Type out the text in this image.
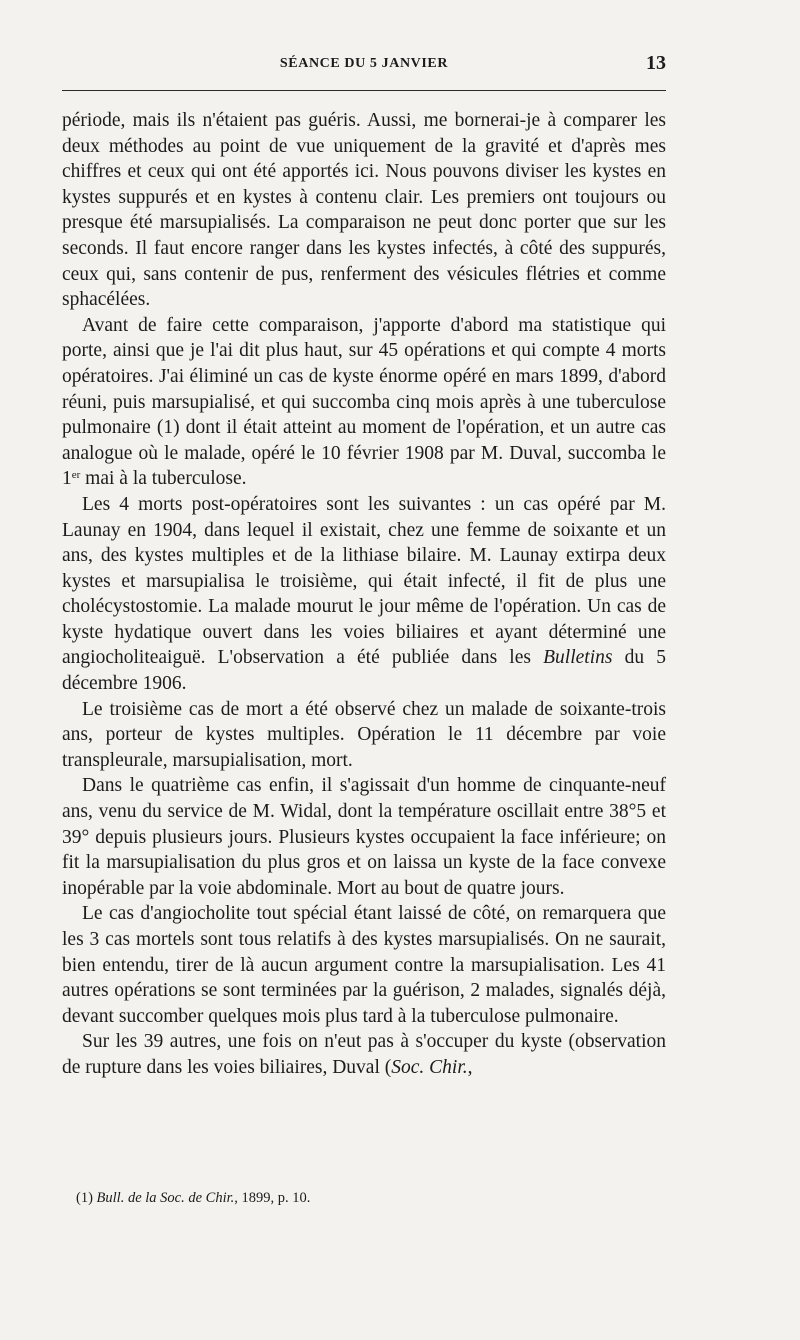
SÉANCE DU 5 JANVIER	13

période, mais ils n'étaient pas guéris. Aussi, me bornerai-je à comparer les deux méthodes au point de vue uniquement de la gravité et d'après mes chiffres et ceux qui ont été apportés ici. Nous pouvons diviser les kystes en kystes suppurés et en kystes à contenu clair. Les premiers ont toujours ou presque été marsupialisés. La comparaison ne peut donc porter que sur les seconds. Il faut encore ranger dans les kystes infectés, à côté des suppurés, ceux qui, sans contenir de pus, renferment des vésicules flétries et comme sphacélées.

Avant de faire cette comparaison, j'apporte d'abord ma statistique qui porte, ainsi que je l'ai dit plus haut, sur 45 opérations et qui compte 4 morts opératoires. J'ai éliminé un cas de kyste énorme opéré en mars 1899, d'abord réuni, puis marsupialisé, et qui succomba cinq mois après à une tuberculose pulmonaire (1) dont il était atteint au moment de l'opération, et un autre cas analogue où le malade, opéré le 10 février 1908 par M. Duval, succomba le 1er mai à la tuberculose.

Les 4 morts post-opératoires sont les suivantes : un cas opéré par M. Launay en 1904, dans lequel il existait, chez une femme de soixante et un ans, des kystes multiples et de la lithiase bilaire. M. Launay extirpa deux kystes et marsupialisa le troisième, qui était infecté, il fit de plus une cholécystostomie. La malade mourut le jour même de l'opération. Un cas de kyste hydatique ouvert dans les voies biliaires et ayant déterminé une angiocholiteaiguë. L'observation a été publiée dans les Bulletins du 5 décembre 1906.

Le troisième cas de mort a été observé chez un malade de soixante-trois ans, porteur de kystes multiples. Opération le 11 décembre par voie transpleurale, marsupialisation, mort.

Dans le quatrième cas enfin, il s'agissait d'un homme de cinquante-neuf ans, venu du service de M. Widal, dont la température oscillait entre 38°5 et 39° depuis plusieurs jours. Plusieurs kystes occupaient la face inférieure; on fit la marsupialisation du plus gros et on laissa un kyste de la face convexe inopérable par la voie abdominale. Mort au bout de quatre jours.

Le cas d'angiocholite tout spécial étant laissé de côté, on remarquera que les 3 cas mortels sont tous relatifs à des kystes marsupialisés. On ne saurait, bien entendu, tirer de là aucun argument contre la marsupialisation. Les 41 autres opérations se sont terminées par la guérison, 2 malades, signalés déjà, devant succomber quelques mois plus tard à la tuberculose pulmonaire.

Sur les 39 autres, une fois on n'eut pas à s'occuper du kyste (observation de rupture dans les voies biliaires, Duval (Soc. Chir.,

(1) Bull. de la Soc. de Chir., 1899, p. 10.
